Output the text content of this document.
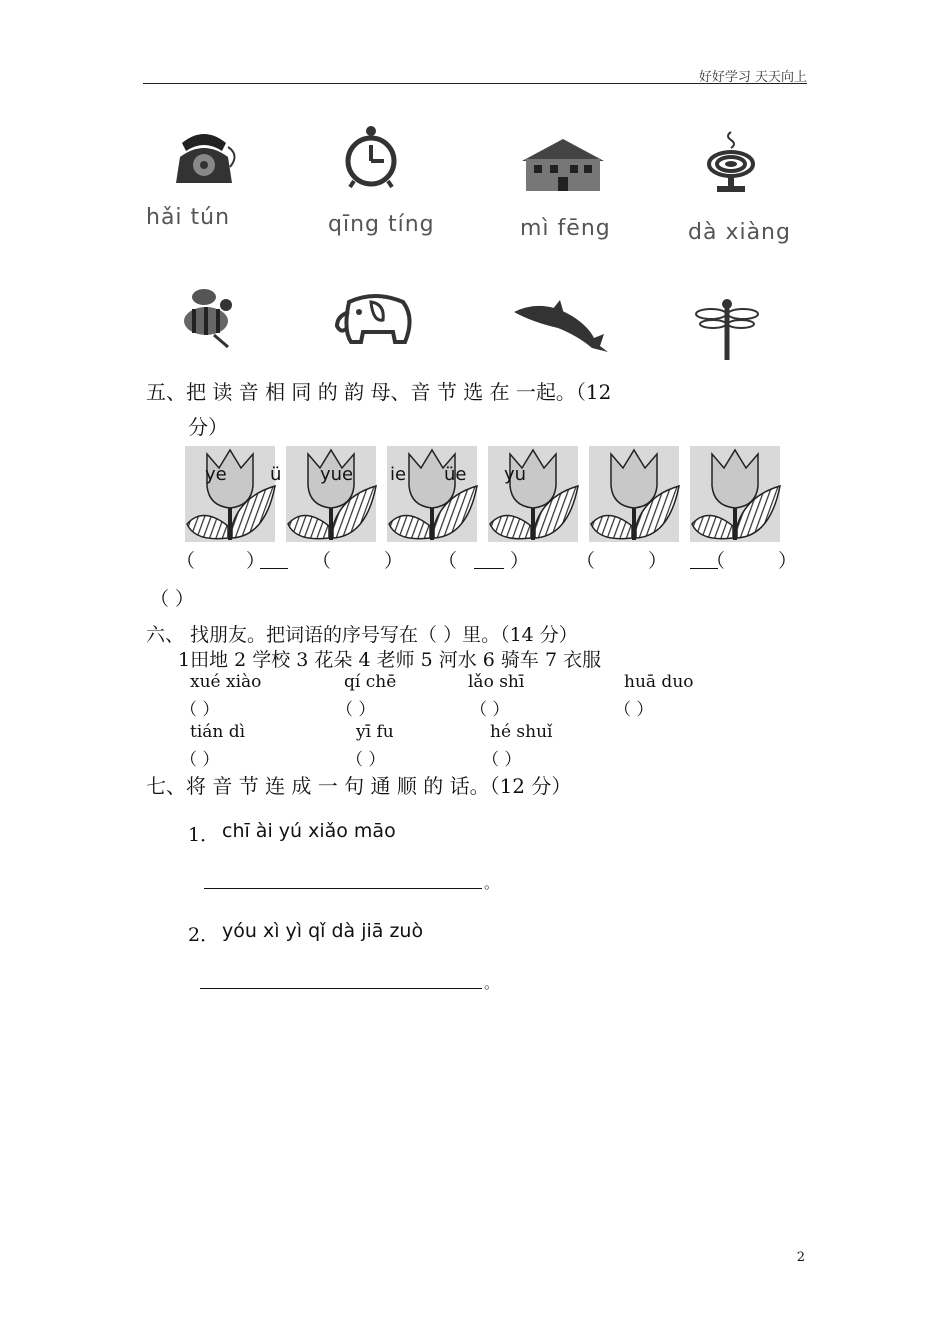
好好学习 天天向上
hǎi tún	qīng tíng	mì fēng	dà xiàng
五、把 读 音 相 同 的 韵 母、音 节 选 在 一起。（12
分）
ye ü yue ie üe yu
（	） （	） （	） （	） （	）
（ ）
六、 找朋友。把词语的序号写在（ ）里。（14 分）
1田地 2 学校 3 花朵 4 老师 5 河水 6 骑车 7 衣服
xué xiào	qí chē	lǎo shī	huā duo
（ ）	（ ）	（ ）	（ ）
tián dì	yī fu	hé shuǐ
（ ）	（ ）	（ ）
七、将 音 节 连 成 一 句 通 顺 的 话。（12 分）
1． chī ài yú xiǎo māo
。
2． yóu xì yì qǐ dà jiā zuò
。
2
